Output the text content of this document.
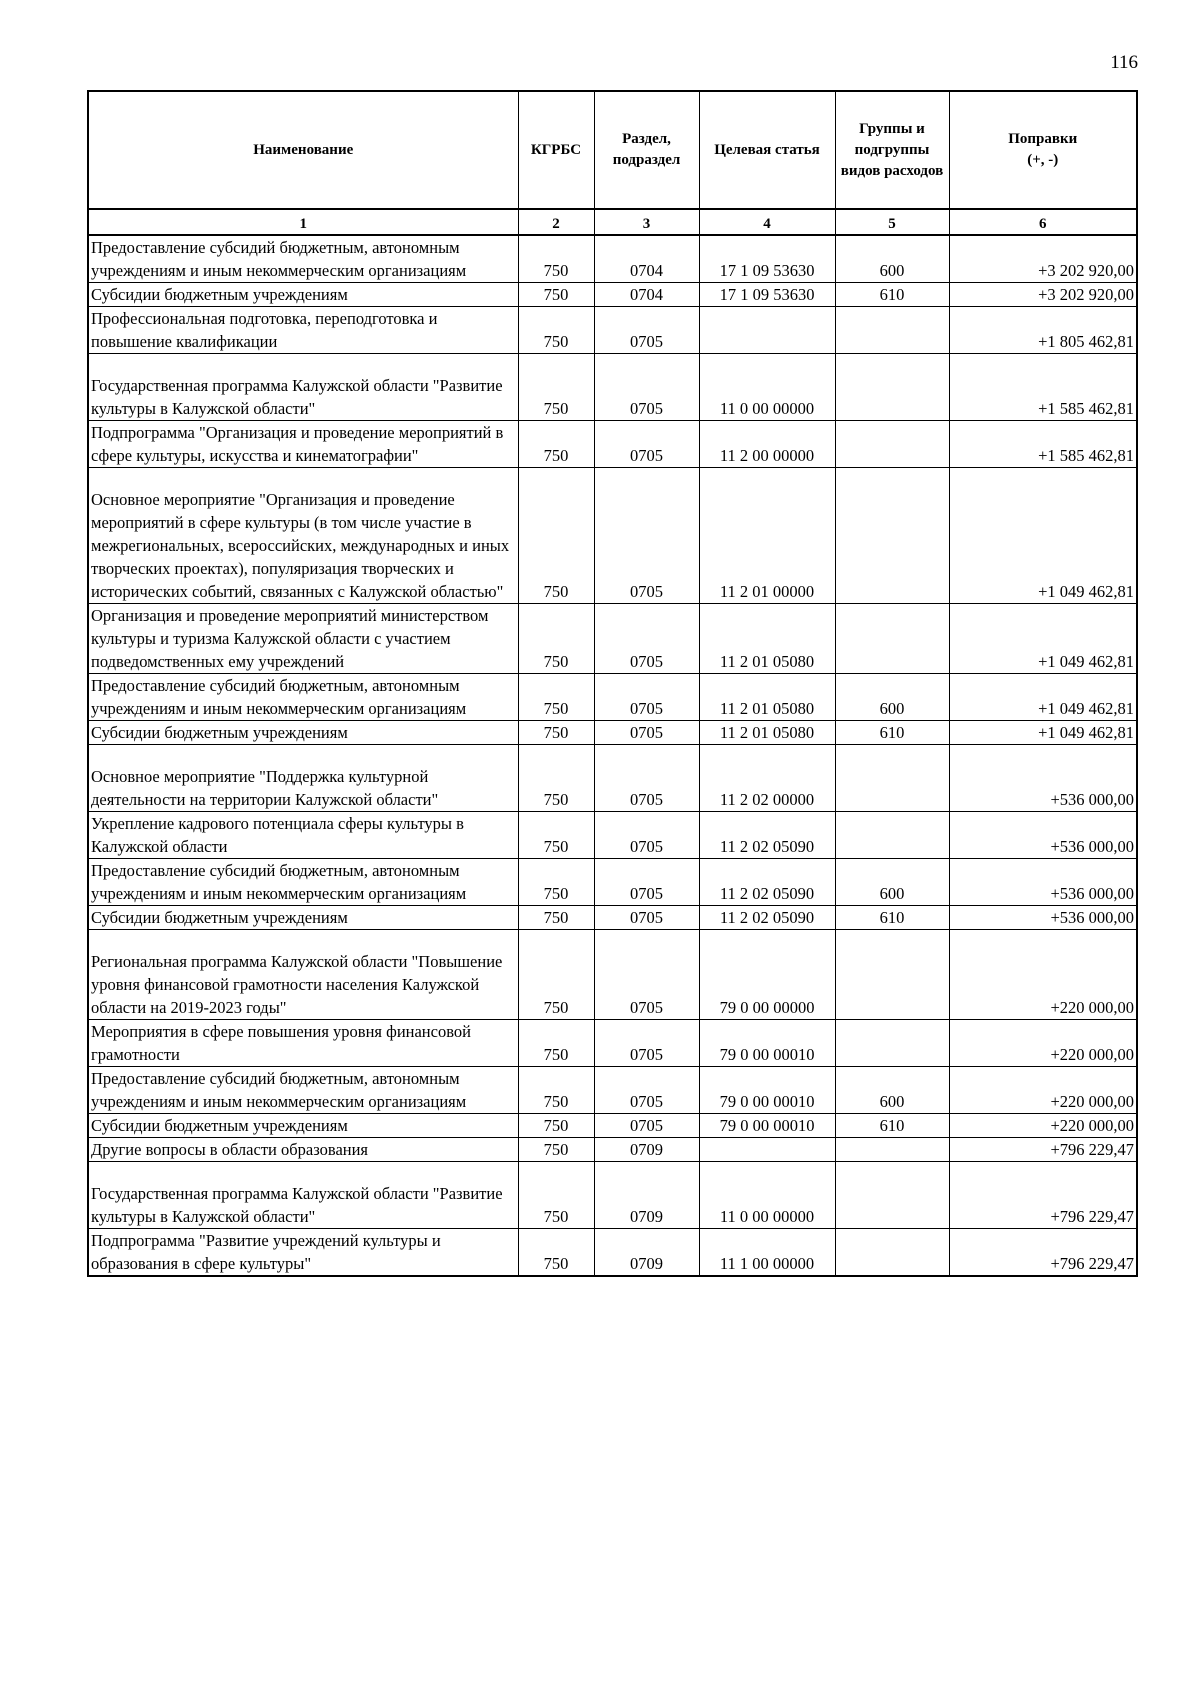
116
Наименование	КГРБС	Раздел, подраздел	Целевая статья	Группы и подгруппы видов расходов	Поправки
(+, -)
1	2	3	4	5	6
Предоставление субсидий бюджетным, автономным учреждениям и иным некоммерческим организациям	750	0704	17 1 09 53630	600	+3 202 920,00
Субсидии бюджетным учреждениям	750	0704	17 1 09 53630	610	+3 202 920,00
Профессиональная подготовка, переподготовка и повышение квалификации	750	0705			+1 805 462,81
Государственная программа Калужской области "Развитие культуры в Калужской области"	750	0705	11 0 00 00000		+1 585 462,81
Подпрограмма "Организация и проведение мероприятий в сфере культуры, искусства и кинематографии"	750	0705	11 2 00 00000		+1 585 462,81
Основное мероприятие "Организация и проведение мероприятий в сфере культуры (в том числе участие в межрегиональных, всероссийских, международных и иных творческих проектах), популяризация творческих и исторических событий, связанных с Калужской областью"	750	0705	11 2 01 00000		+1 049 462,81
Организация и проведение мероприятий министерством культуры и туризма Калужской области с участием подведомственных ему учреждений	750	0705	11 2 01 05080		+1 049 462,81
Предоставление субсидий бюджетным, автономным учреждениям и иным некоммерческим организациям	750	0705	11 2 01 05080	600	+1 049 462,81
Субсидии бюджетным учреждениям	750	0705	11 2 01 05080	610	+1 049 462,81
Основное мероприятие "Поддержка культурной деятельности на территории Калужской области"	750	0705	11 2 02 00000		+536 000,00
Укрепление кадрового потенциала сферы культуры в Калужской области	750	0705	11 2 02 05090		+536 000,00
Предоставление субсидий бюджетным, автономным учреждениям и иным некоммерческим организациям	750	0705	11 2 02 05090	600	+536 000,00
Субсидии бюджетным учреждениям	750	0705	11 2 02 05090	610	+536 000,00
Региональная программа Калужской области "Повышение уровня финансовой грамотности населения Калужской области на 2019-2023 годы"	750	0705	79 0 00 00000		+220 000,00
Мероприятия в сфере повышения уровня финансовой грамотности	750	0705	79 0 00 00010		+220 000,00
Предоставление субсидий бюджетным, автономным учреждениям и иным некоммерческим организациям	750	0705	79 0 00 00010	600	+220 000,00
Субсидии бюджетным учреждениям	750	0705	79 0 00 00010	610	+220 000,00
Другие вопросы в области образования	750	0709			+796 229,47
Государственная программа Калужской области "Развитие культуры в Калужской области"	750	0709	11 0 00 00000		+796 229,47
Подпрограмма "Развитие учреждений культуры и образования в сфере культуры"	750	0709	11 1 00 00000		+796 229,47
